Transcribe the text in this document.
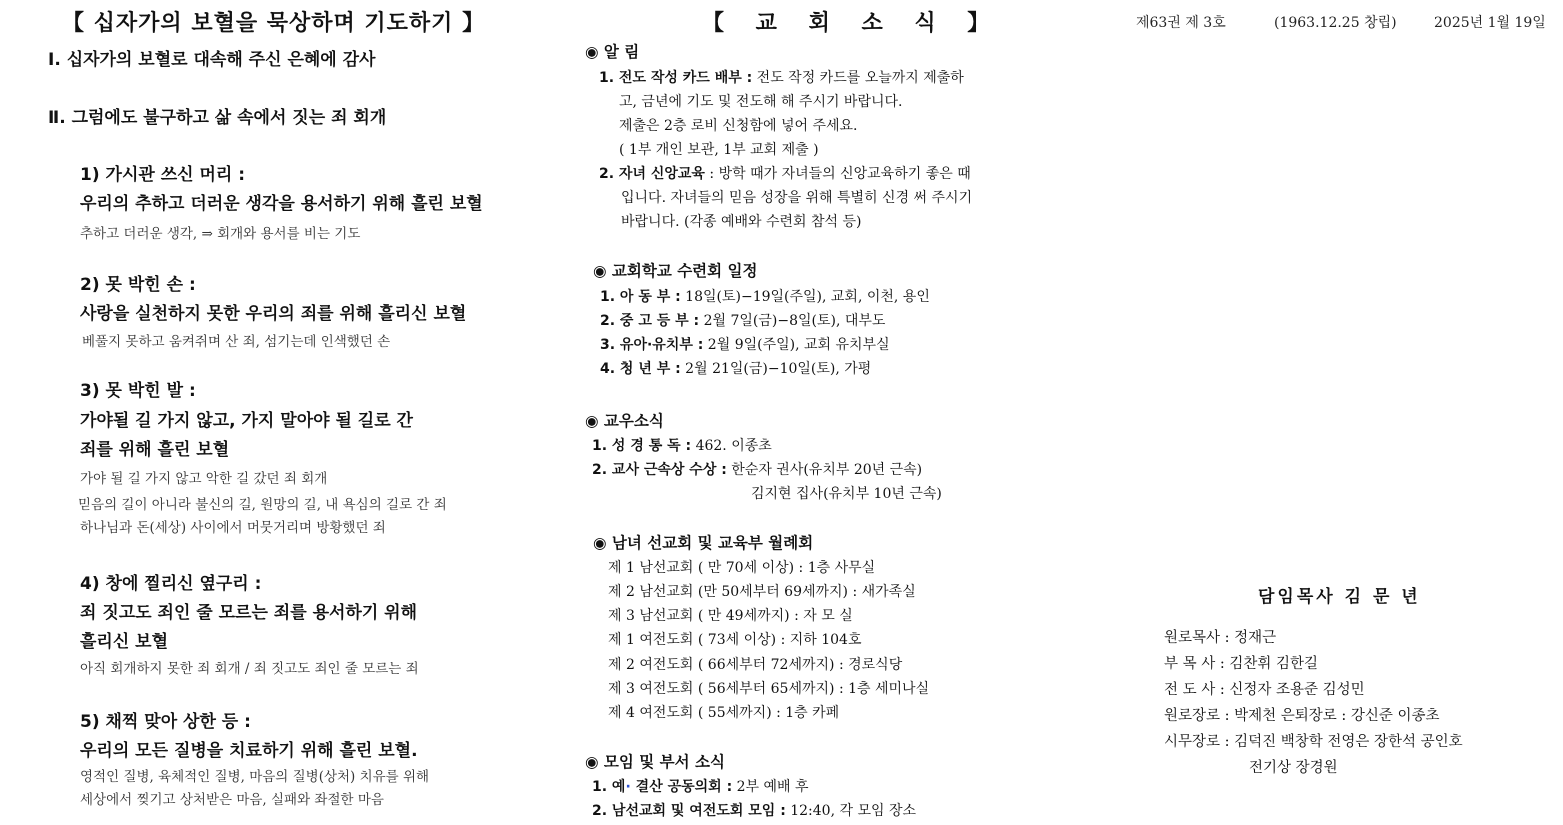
【 십자가의 보혈을 묵상하며 기도하기 】
Ⅰ. 십자가의 보혈로 대속해 주신 은혜에 감사
Ⅱ. 그럼에도 불구하고 삶 속에서 짓는 죄 회개
1) 가시관 쓰신 머리 :
우리의 추하고 더러운 생각을 용서하기 위해 흘린 보혈
추하고 더러운 생각, ⇒ 회개와 용서를 비는 기도
2) 못 박힌 손 :
사랑을 실천하지 못한 우리의 죄를 위해 흘리신 보혈
베풀지 못하고 움켜쥐며 산 죄, 섬기는데 인색했던 손
3) 못 박힌 발 :
가야될 길 가지 않고, 가지 말아야 될 길로 간
죄를 위해 흘린 보혈
가야 될 길 가지 않고 악한 길 갔던 죄 회개
믿음의 길이 아니라 불신의 길, 원망의 길, 내 욕심의 길로 간 죄
하나님과 돈(세상) 사이에서 머뭇거리며 방황했던 죄
4) 창에 찔리신 옆구리 :
죄 짓고도 죄인 줄 모르는 죄를 용서하기 위해
흘리신 보혈
아직 회개하지 못한 죄 회개 / 죄 짓고도 죄인 줄 모르는 죄
5) 채찍 맞아 상한 등 :
우리의 모든 질병을 치료하기 위해 흘린 보혈.
영적인 질병, 육체적인 질병, 마음의 질병(상처) 치유를 위해
세상에서 찢기고 상처받은 마음, 실패와 좌절한 마음
【 교 회 소 식 】
◉ 알 림
1. 전도 작성 카드 배부 : 전도 작정 카드를 오늘까지 제출하
고, 금년에 기도 및 전도해 해 주시기 바랍니다.
제출은 2층 로비 신청함에 넣어 주세요.
( 1부 개인 보관, 1부 교회 제출 )
2. 자녀 신앙교육 : 방학 때가 자녀들의 신앙교육하기 좋은 때
입니다. 자녀들의 믿음 성장을 위해 특별히 신경 써 주시기
바랍니다. (각종 예배와 수련회 참석 등)
◉ 교회학교 수련회 일정
1. 아 동 부 : 18일(토)−19일(주일), 교회, 이천, 용인
2. 중 고 등 부 : 2월 7일(금)−8일(토), 대부도
3. 유아·유치부 : 2월 9일(주일), 교회 유치부실
4. 청 년 부 : 2월 21일(금)−10일(토), 가평
◉ 교우소식
1. 성 경 통 독 : 462. 이종초
2. 교사 근속상 수상 : 한순자 권사(유치부 20년 근속)
김지현 집사(유치부 10년 근속)
◉ 남녀 선교회 및 교육부 월례회
제 1 남선교회 ( 만 70세 이상) : 1층 사무실
제 2 남선교회 (만 50세부터 69세까지) : 새가족실
제 3 남선교회 ( 만 49세까지) : 자 모 실
제 1 여전도회 ( 73세 이상) : 지하 104호
제 2 여전도회 ( 66세부터 72세까지) : 경로식당
제 3 여전도회 ( 56세부터 65세까지) : 1층 세미나실
제 4 여전도회 ( 55세까지) : 1층 카페
◉ 모임 및 부서 소식
1. 예· 결산 공동의회 : 2부 예배 후
2. 남선교회 및 여전도회 모임 : 12:40, 각 모임 장소
제63권 제 3호	(1963.12.25 창립)	2025년 1월 19일
담임목사 김 문 년
원로목사 : 정재근
부 목 사 : 김찬휘 김한길
전 도 사 : 신정자 조용준 김성민
원로장로 : 박제천 은퇴장로 : 강신준 이종초
시무장로 : 김덕진 백창학 전영은 장한석 공인호
전기상 장경원
